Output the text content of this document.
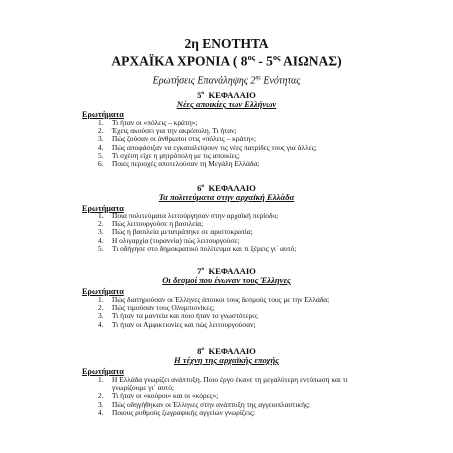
2η ΕΝΟΤΗΤΑ
ΑΡΧΑΪΚΑ ΧΡΟΝΙΑ ( $8^{o\varsigma} - 5^{o\varsigma}$ ΑΙΩΝΑΣ)
Ερωτήσεις Επανάληψης $2^{\eta\varsigma}$ Ενότητας
$5^o$ ΚΕΦΑΛΑΙΟ
Νέες αποικίες των Ελλήνων
Ερωτήματα
1.	Τι ήταν οι «πόλεις – κράτη»;
2.	Έχεις ακούσει για την ακρόπολη. Τι ήταν;
3.	Πώς ζούσαν οι άνθρωποι στις «πόλεις – κράτη»;
4.	Πώς αποφάσιζαν να εγκαταλείψουν τις νέες πατρίδες τους για άλλες;
5.	Τι σχέση είχε η μητρόπολη με τις αποικίες;
6.	Ποιες περιοχές αποτελούσαν τη Μεγάλη Ελλάδα;
$6^o$ ΚΕΦΑΛΑΙΟ
Τα πολιτεύματα στην αρχαϊκή Ελλάδα
Ερωτήματα
1.	Ποια πολιτεύματα λειτούργησαν στην αρχαϊκή περίοδο;
2.	Πώς λειτουργούσε η βασιλεία;
3.	Πώς η βασιλεία μετατράπηκε σε αριστοκρατία;
4.	Η ολιγαρχία (τυραννία) πώς λειτουργούσε;
5.	Τι οδήγησε στο δημοκρατικό πολίτευμα και τι ξέρεις γι΄ αυτό;
$7^o$ ΚΕΦΑΛΑΙΟ
Οι δεσμοί που ένωναν τους Έλληνες
Ερωτήματα
1.	Πώς διατηρούσαν οι Έλληνες άποικοι τους δεσμούς τους με την Ελλάδα;
2.	Πώς τιμούσαν τους Ολυμπιονίκες;
3.	Τι ήταν τα μαντεία και ποιο ήταν το γνωστότερο;
4.	Τι ήταν οι Αμφικτιονίες και πώς λειτουργούσαν;
$8^o$ ΚΕΦΑΛΑΙΟ
Η τέχνη της αρχαϊκής εποχής
Ερωτήματα
1.	Η Ελλάδα γνωρίζει ανάπτυξη. Ποιο έργο έκανε τη μεγαλύτερη εντύπωση και τι γνωρίζουμε γι΄ αυτό;
2.	Τι ήταν οι «κούροι» και οι «κόρες»;
3.	Πώς οδηγήθηκαν οι Έλληνες στην ανάπτυξη της αγγειοπλαστικής;
4.	Ποιους ρυθμούς ζωγραφικής αγγείων γνωρίζεις;
